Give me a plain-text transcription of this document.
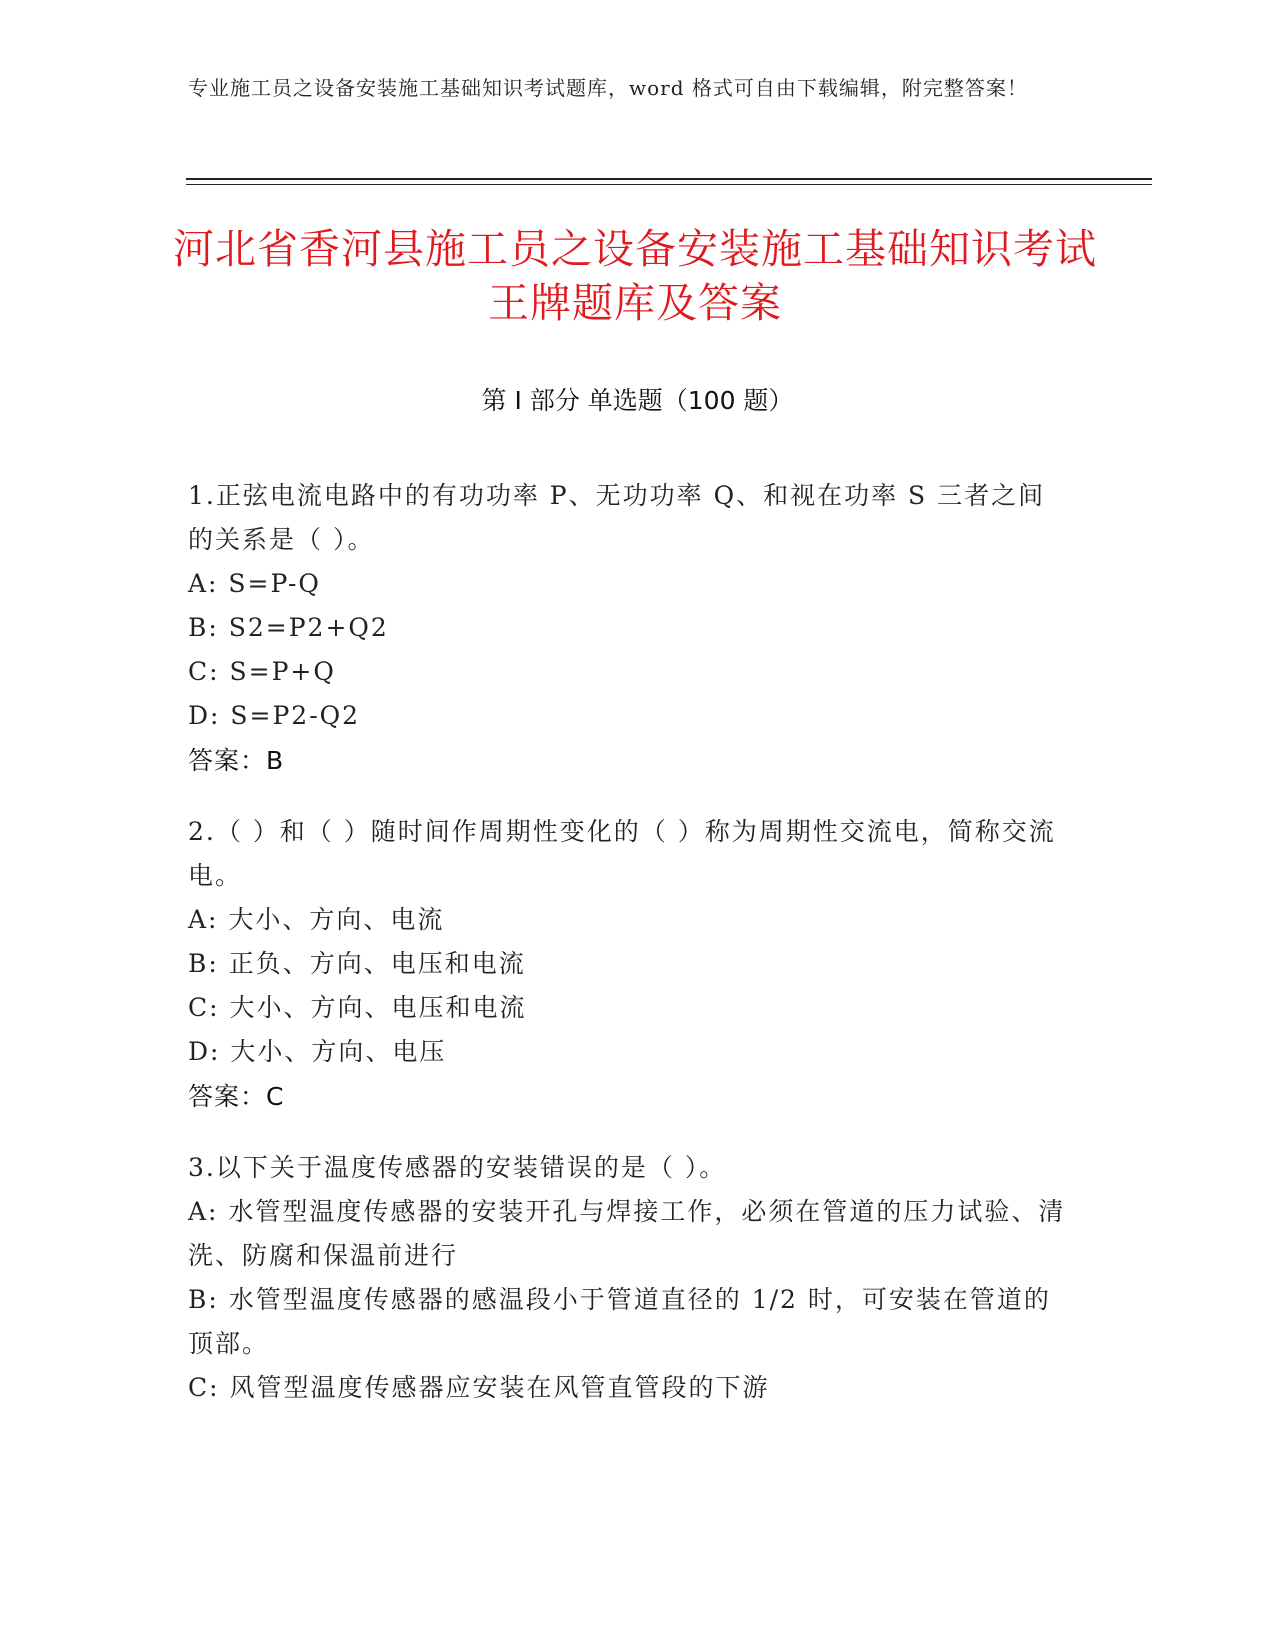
专业施工员之设备安装施工基础知识考试题库，word 格式可自由下载编辑，附完整答案！
河北省香河县施工员之设备安装施工基础知识考试王牌题库及答案
第 I 部分 单选题（100 题）

1.正弦电流电路中的有功功率 P、无功功率 Q、和视在功率 S 三者之间的关系是（ ）。

A: S=P-Q

B: S2=P2+Q2

C: S=P+Q

D: S=P2-Q2

答案：B

2.（ ）和（ ）随时间作周期性变化的（ ）称为周期性交流电，简称交流电。

A: 大小、方向、电流

B: 正负、方向、电压和电流

C: 大小、方向、电压和电流

D: 大小、方向、电压

答案：C

3.以下关于温度传感器的安装错误的是（ ）。

A: 水管型温度传感器的安装开孔与焊接工作，必须在管道的压力试验、清洗、防腐和保温前进行

B: 水管型温度传感器的感温段小于管道直径的 1/2 时，可安装在管道的顶部。

C: 风管型温度传感器应安装在风管直管段的下游
